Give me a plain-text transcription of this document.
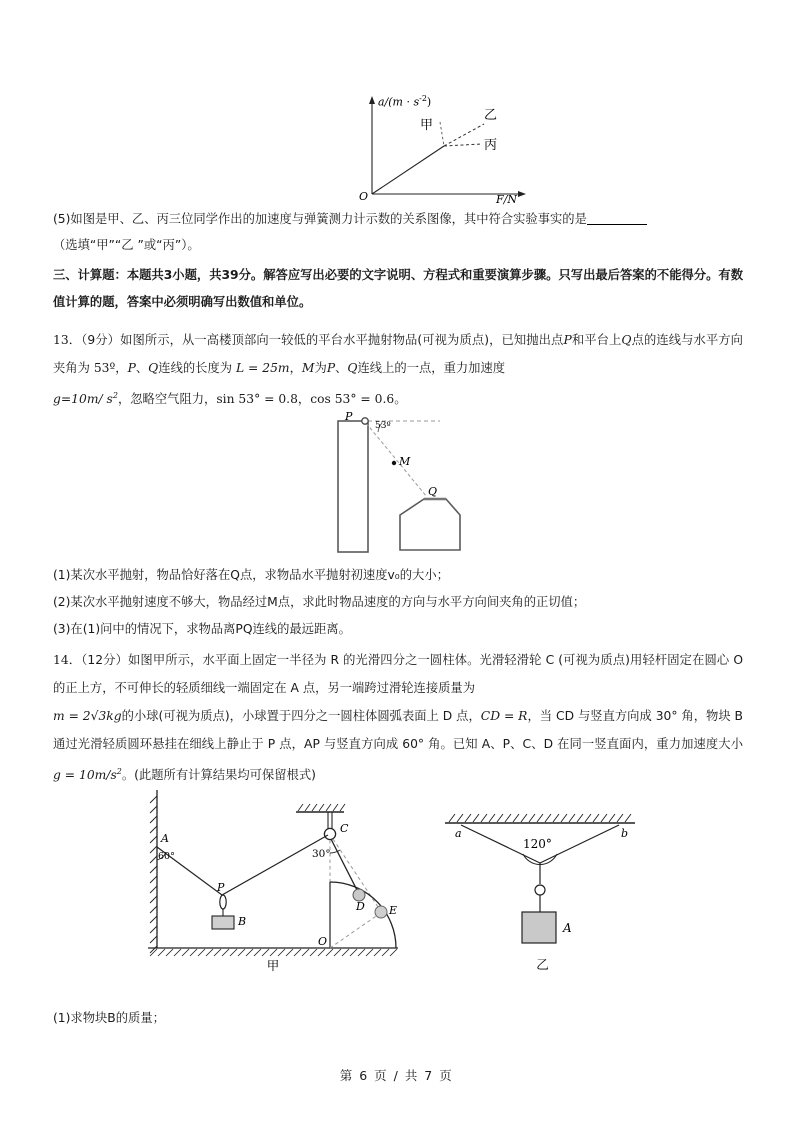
$a/(m \cdot s^{-2})$
F/N
O
甲
乙
丙
(5)如图是甲、乙、丙三位同学作出的加速度与弹簧测力计示数的关系图像，其中符合实验事实的是
（选填“甲”“乙 ”或“丙”）。
三、计算题：本题共3小题，共39分。解答应写出必要的文字说明、方程式和重要演算步骤。只写出最后答案的不能得分。有数值计算的题，答案中必须明确写出数值和单位。
13．（9分）如图所示，从一高楼顶部向一较低的平台水平抛射物品(可视为质点)，已知抛出点P和平台上Q点的连线与水平方向夹角为 53º，P、Q连线的长度为 L = 25m，M为P、Q连线上的一点，重力加速度
g=10m/ $s^2$，忽略空气阻力，sin 53° = 0.8，cos 53° = 0.6。
P
53º
M
Q
(1)某次水平抛射，物品恰好落在Q点，求物品水平抛射初速度v₀的大小；
(2)某次水平抛射速度不够大，物品经过M点，求此时物品速度的方向与水平方向间夹角的正切值；
(3)在(1)问中的情况下，求物品离PQ连线的最远距离。
14．（12分）如图甲所示，水平面上固定一半径为 R 的光滑四分之一圆柱体。光滑轻滑轮 C (可视为质点)用轻杆固定在圆心 O 的正上方，不可伸长的轻质细线一端固定在 A 点，另一端跨过滑轮连接质量为
m = 2√3kg的小球(可视为质点)，小球置于四分之一圆柱体圆弧表面上 D 点，CD = R，当 CD 与竖直方向成 30° 角，物块 B 通过光滑轻质圆环悬挂在细线上静止于 P 点，AP 与竖直方向成 60° 角。已知 A、P、C、D 在同一竖直面内，重力加速度大小 $g = 10m/s^2$。(此题所有计算结果均可保留根式)
A
60°
P
B
C
30°
D E
O
甲
a	b
120°
A
乙
(1)求物块B的质量；
第 6 页 / 共 7 页
